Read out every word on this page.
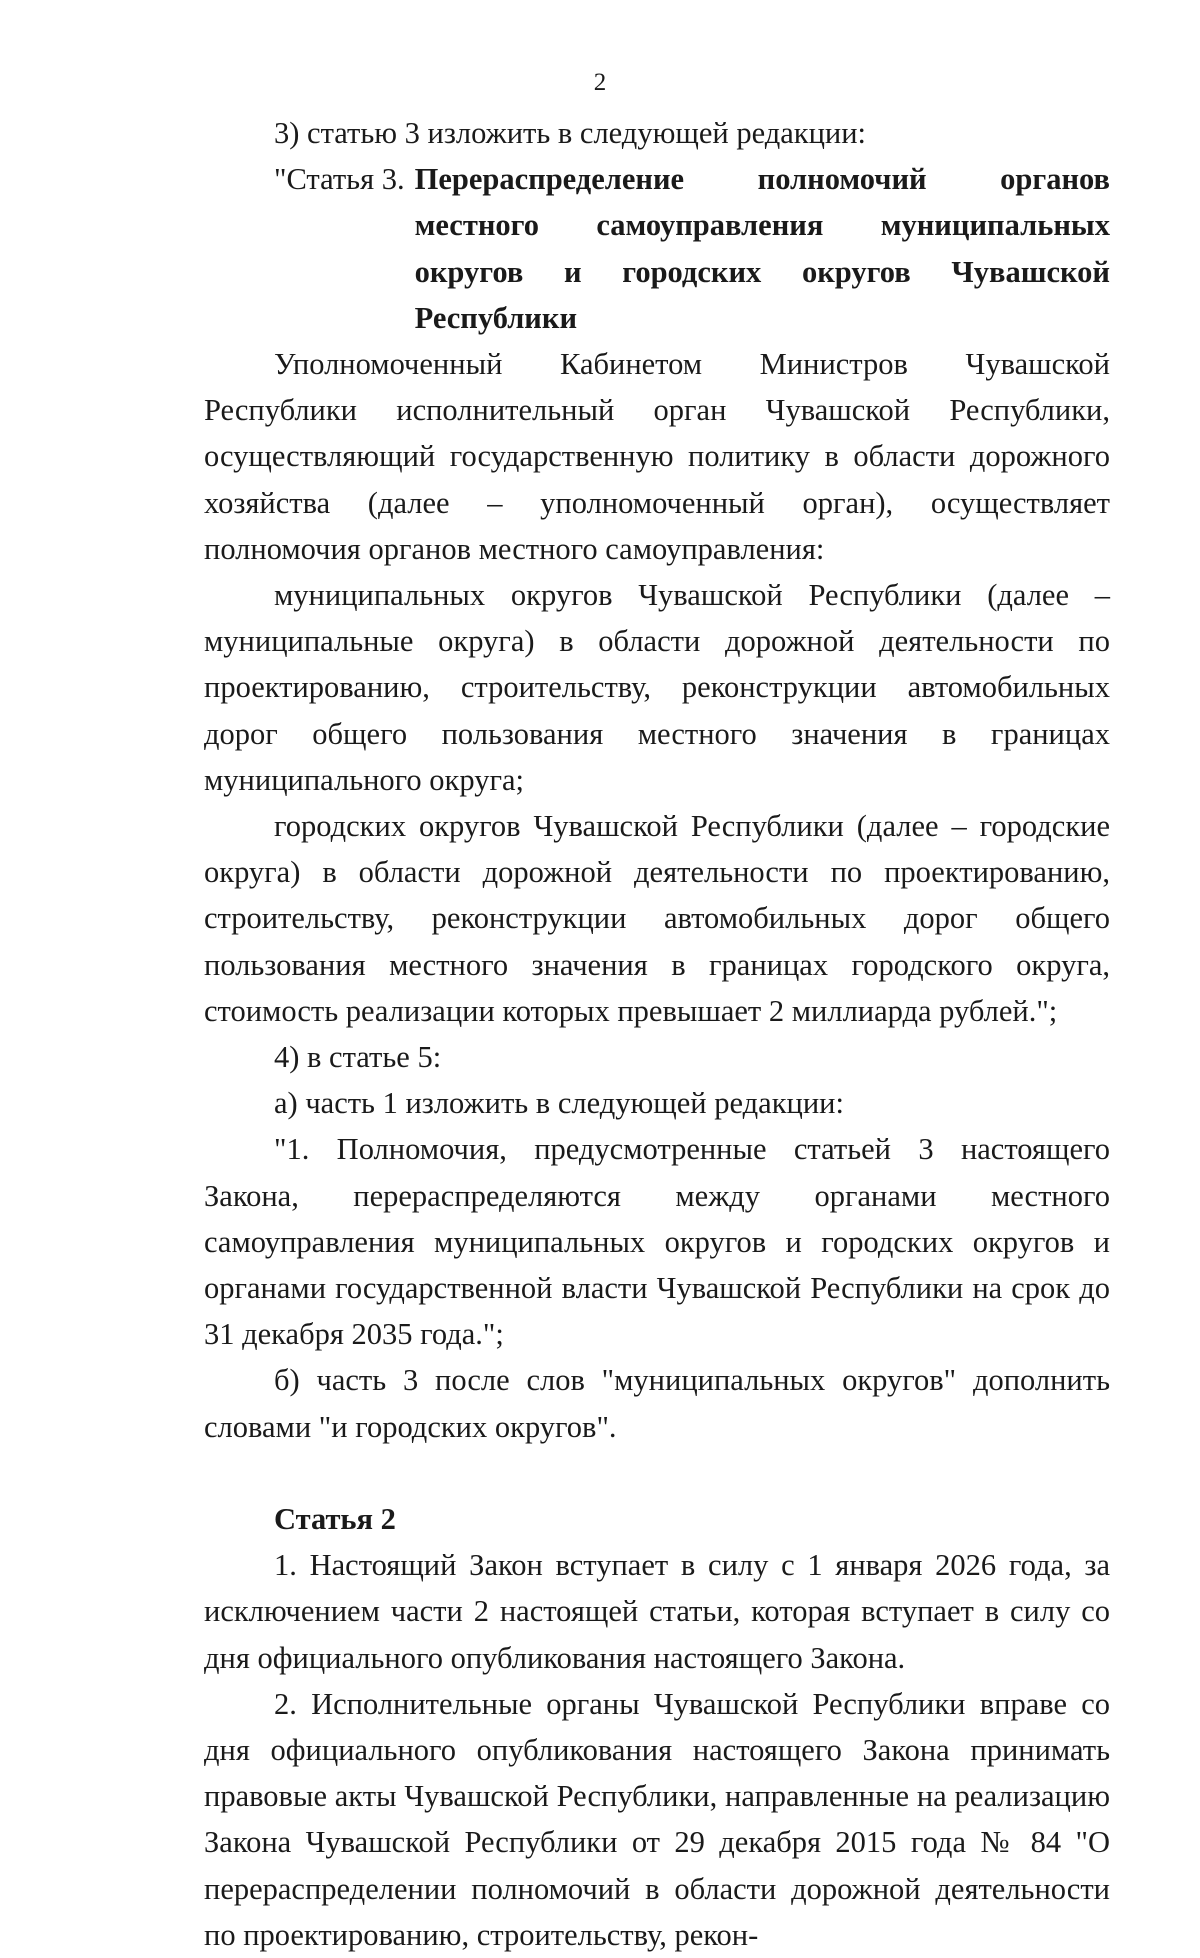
2

3) статью 3 изложить в следующей редакции:

"Статья 3. Перераспределение полномочий органов местного самоуправления муниципальных округов и городских округов Чувашской Республики

Уполномоченный Кабинетом Министров Чувашской Республики исполнительный орган Чувашской Республики, осуществляющий государственную политику в области дорожного хозяйства (далее – уполномоченный орган), осуществляет полномочия органов местного самоуправления:

муниципальных округов Чувашской Республики (далее – муниципальные округа) в области дорожной деятельности по проектированию, строительству, реконструкции автомобильных дорог общего пользования местного значения в границах муниципального округа;

городских округов Чувашской Республики (далее – городские округа) в области дорожной деятельности по проектированию, строительству, реконструкции автомобильных дорог общего пользования местного значения в границах городского округа, стоимость реализации которых превышает 2 миллиарда рублей.";

4) в статье 5:

а) часть 1 изложить в следующей редакции:

"1. Полномочия, предусмотренные статьей 3 настоящего Закона, перераспределяются между органами местного самоуправления муниципальных округов и городских округов и органами государственной власти Чувашской Республики на срок до 31 декабря 2035 года.";

б) часть 3 после слов "муниципальных округов" дополнить словами "и городских округов".

Статья 2

1. Настоящий Закон вступает в силу с 1 января 2026 года, за исключением части 2 настоящей статьи, которая вступает в силу со дня официального опубликования настоящего Закона.

2. Исполнительные органы Чувашской Республики вправе со дня официального опубликования настоящего Закона принимать правовые акты Чувашской Республики, направленные на реализацию Закона Чувашской Республики от 29 декабря 2015 года № 84 "О перераспределении полномочий в области дорожной деятельности по проектированию, строительству, рекон-
